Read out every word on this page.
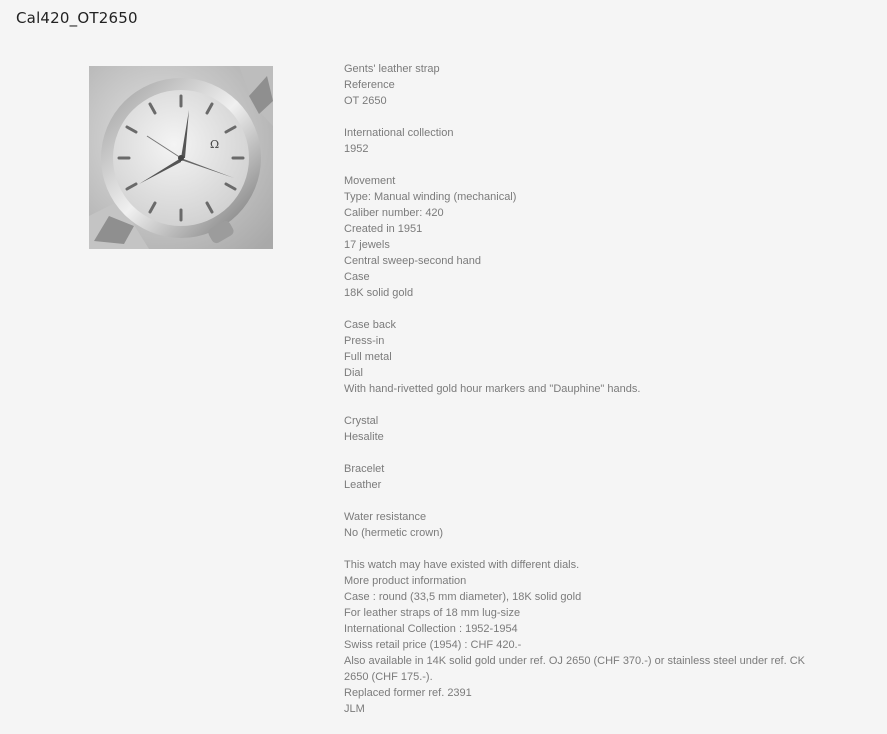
Cal420_OT2650
Ω
Gents' leather strap
Reference
OT 2650
International collection
1952
Movement
Type: Manual winding (mechanical)
Caliber number: 420
Created in 1951
17 jewels
Central sweep-second hand
Case
18K solid gold
Case back
Press-in
Full metal
Dial
With hand-rivetted gold hour markers and "Dauphine" hands.
Crystal
Hesalite
Bracelet
Leather
Water resistance
No (hermetic crown)
This watch may have existed with different dials.
More product information
Case : round (33,5 mm diameter), 18K solid gold
For leather straps of 18 mm lug-size
International Collection : 1952-1954
Swiss retail price (1954) : CHF 420.-
Also available in 14K solid gold under ref. OJ 2650 (CHF 370.-) or stainless steel under ref. CK 2650 (CHF 175.-).
Replaced former ref. 2391
JLM
